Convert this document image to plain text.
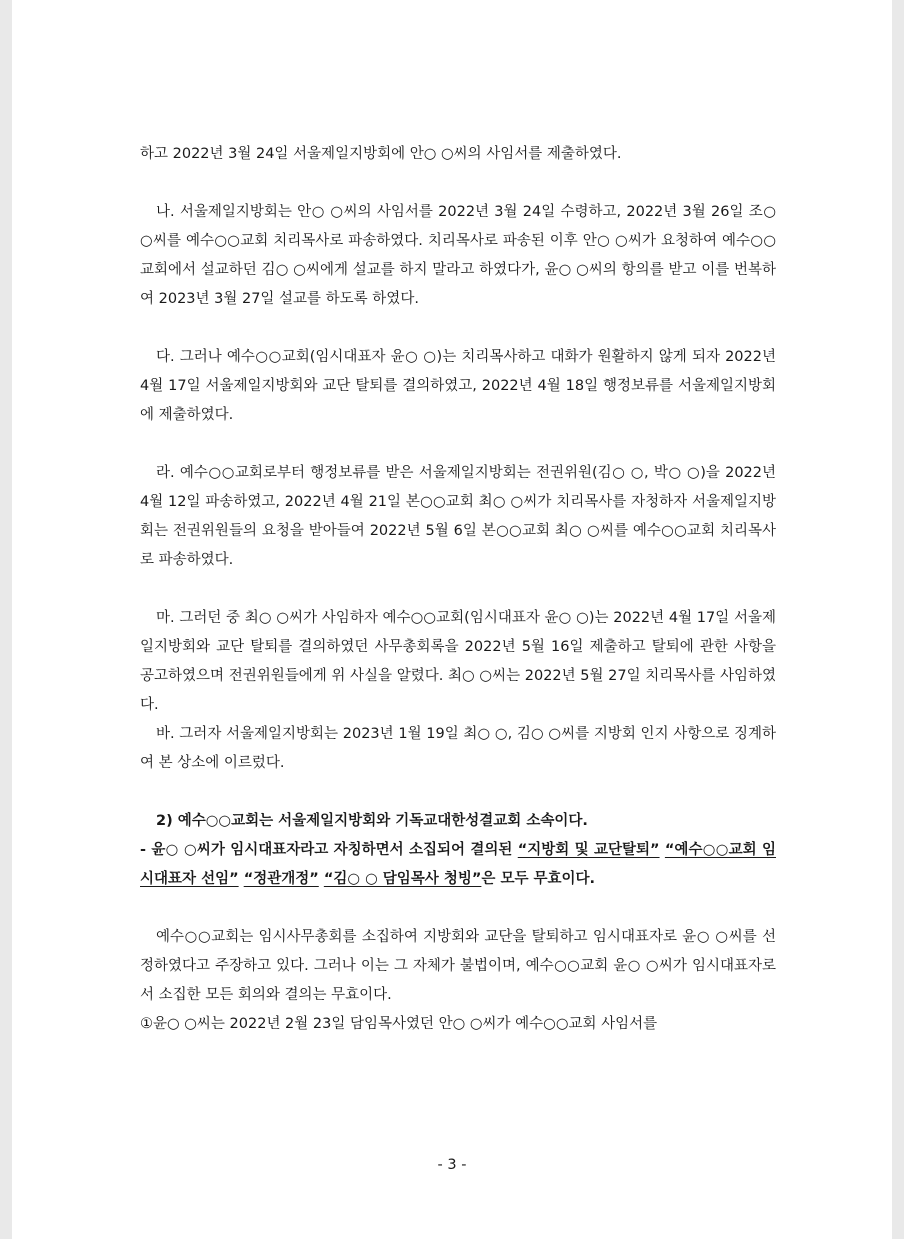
하고 2022년 3월 24일 서울제일지방회에 안○ ○씨의 사임서를 제출하였다.

나. 서울제일지방회는 안○ ○씨의 사임서를 2022년 3월 24일 수령하고, 2022년 3월 26일 조○ ○씨를 예수○○교회 치리목사로 파송하였다. 치리목사로 파송된 이후 안○ ○씨가 요청하여 예수○○교회에서 설교하던 김○ ○씨에게 설교를 하지 말라고 하였다가, 윤○ ○씨의 항의를 받고 이를 번복하여 2023년 3월 27일 설교를 하도록 하였다.

다. 그러나 예수○○교회(임시대표자 윤○ ○)는 치리목사하고 대화가 원활하지 않게 되자 2022년 4월 17일 서울제일지방회와 교단 탈퇴를 결의하였고, 2022년 4월 18일 행정보류를 서울제일지방회에 제출하였다.

라. 예수○○교회로부터 행정보류를 받은 서울제일지방회는 전권위원(김○ ○, 박○ ○)을 2022년 4월 12일 파송하였고, 2022년 4월 21일 본○○교회 최○ ○씨가 치리목사를 자청하자 서울제일지방회는 전권위원들의 요청을 받아들여 2022년 5월 6일 본○○교회 최○ ○씨를 예수○○교회 치리목사로 파송하였다.

마. 그러던 중 최○ ○씨가 사임하자 예수○○교회(임시대표자 윤○ ○)는 2022년 4월 17일 서울제일지방회와 교단 탈퇴를 결의하였던 사무총회록을 2022년 5월 16일 제출하고 탈퇴에 관한 사항을 공고하였으며 전권위원들에게 위 사실을 알렸다. 최○ ○씨는 2022년 5월 27일 치리목사를 사임하였다.

바. 그러자 서울제일지방회는 2023년 1월 19일 최○ ○, 김○ ○씨를 지방회 인지 사항으로 징계하여 본 상소에 이르렀다.

2) 예수○○교회는 서울제일지방회와 기독교대한성결교회 소속이다.

- 윤○ ○씨가 임시대표자라고 자칭하면서 소집되어 결의된 “지방회 및 교단탈퇴” “예수○○교회 임시대표자 선임” “정관개정” “김○ ○ 담임목사 청빙”은 모두 무효이다.

예수○○교회는 임시사무총회를 소집하여 지방회와 교단을 탈퇴하고 임시대표자로 윤○ ○씨를 선정하였다고 주장하고 있다. 그러나 이는 그 자체가 불법이며, 예수○○교회 윤○ ○씨가 임시대표자로서 소집한 모든 회의와 결의는 무효이다.

①윤○ ○씨는 2022년 2월 23일 담임목사였던 안○ ○씨가 예수○○교회 사임서를

- 3 -
